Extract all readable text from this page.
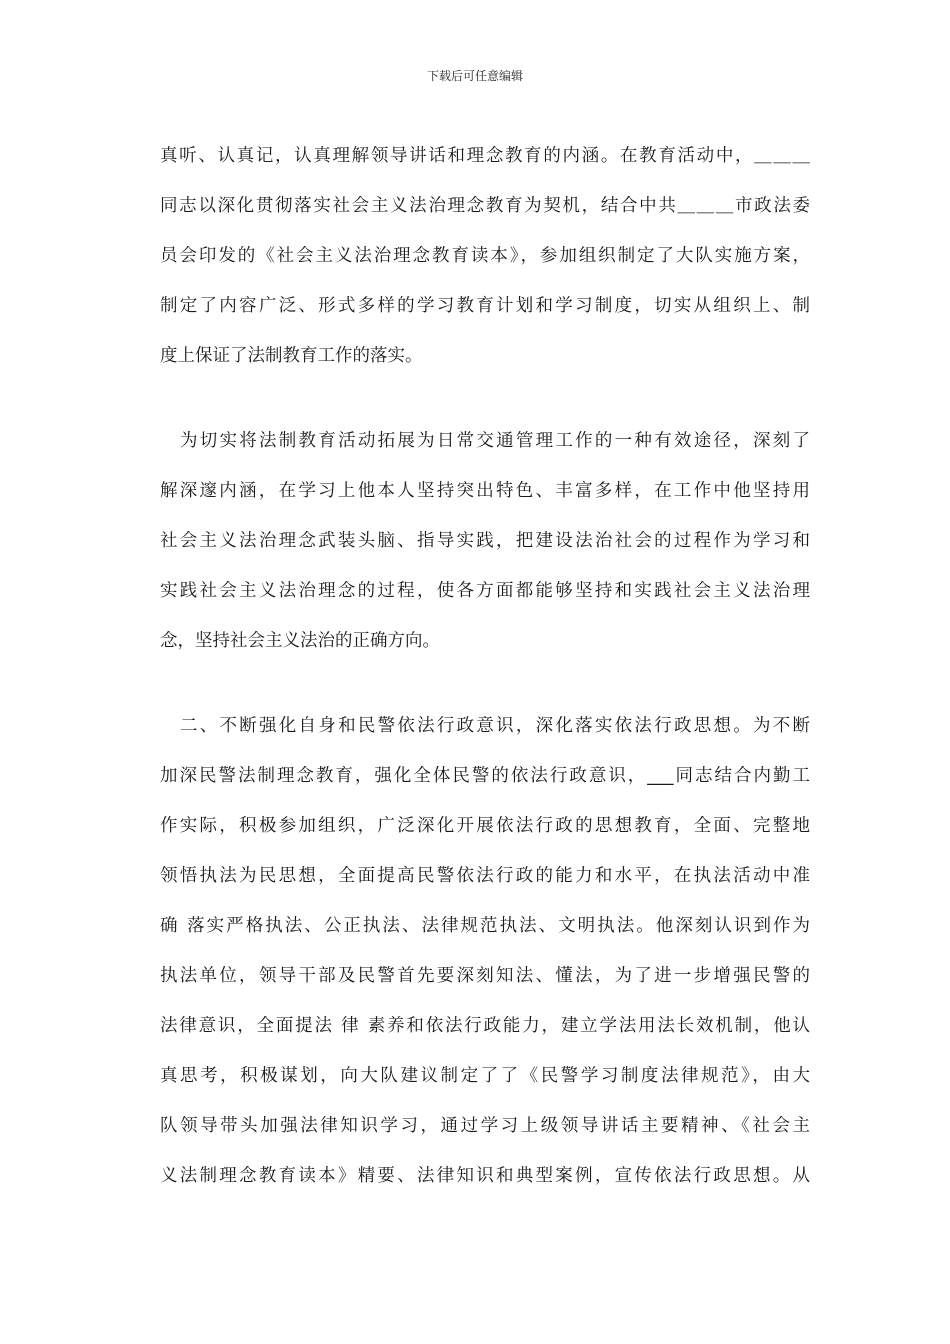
下载后可任意编辑
真听、认真记，认真理解领导讲话和理念教育的内涵。在教育活动中，＿＿＿
同志以深化贯彻落实社会主义法治理念教育为契机，结合中共＿＿＿市政法委
员会印发的《社会主义法治理念教育读本》，参加组织制定了大队实施方案，
制定了内容广泛、形式多样的学习教育计划和学习制度，切实从组织上、制
度上保证了法制教育工作的落实。
为切实将法制教育活动拓展为日常交通管理工作的一种有效途径，深刻了
解深邃内涵，在学习上他本人坚持突出特色、丰富多样，在工作中他坚持用
社会主义法治理念武装头脑、指导实践，把建设法治社会的过程作为学习和
实践社会主义法治理念的过程，使各方面都能够坚持和实践社会主义法治理
念，坚持社会主义法治的正确方向。
二、不断强化自身和民警依法行政意识，深化落实依法行政思想。为不断
加深民警法制理念教育，强化全体民警的依法行政意识，___同志结合内勤工
作实际，积极参加组织，广泛深化开展依法行政的思想教育，全面、完整地
领悟执法为民思想，全面提高民警依法行政的能力和水平，在执法活动中准
确 落实严格执法、公正执法、法律规范执法、文明执法。他深刻认识到作为
执法单位，领导干部及民警首先要深刻知法、懂法，为了进一步增强民警的
法律意识，全面提法 律 素养和依法行政能力，建立学法用法长效机制，他认
真思考，积极谋划，向大队建议制定了了《民警学习制度法律规范》，由大
队领导带头加强法律知识学习，通过学习上级领导讲话主要精神、《社会主
义法制理念教育读本》精要、法律知识和典型案例，宣传依法行政思想。从
